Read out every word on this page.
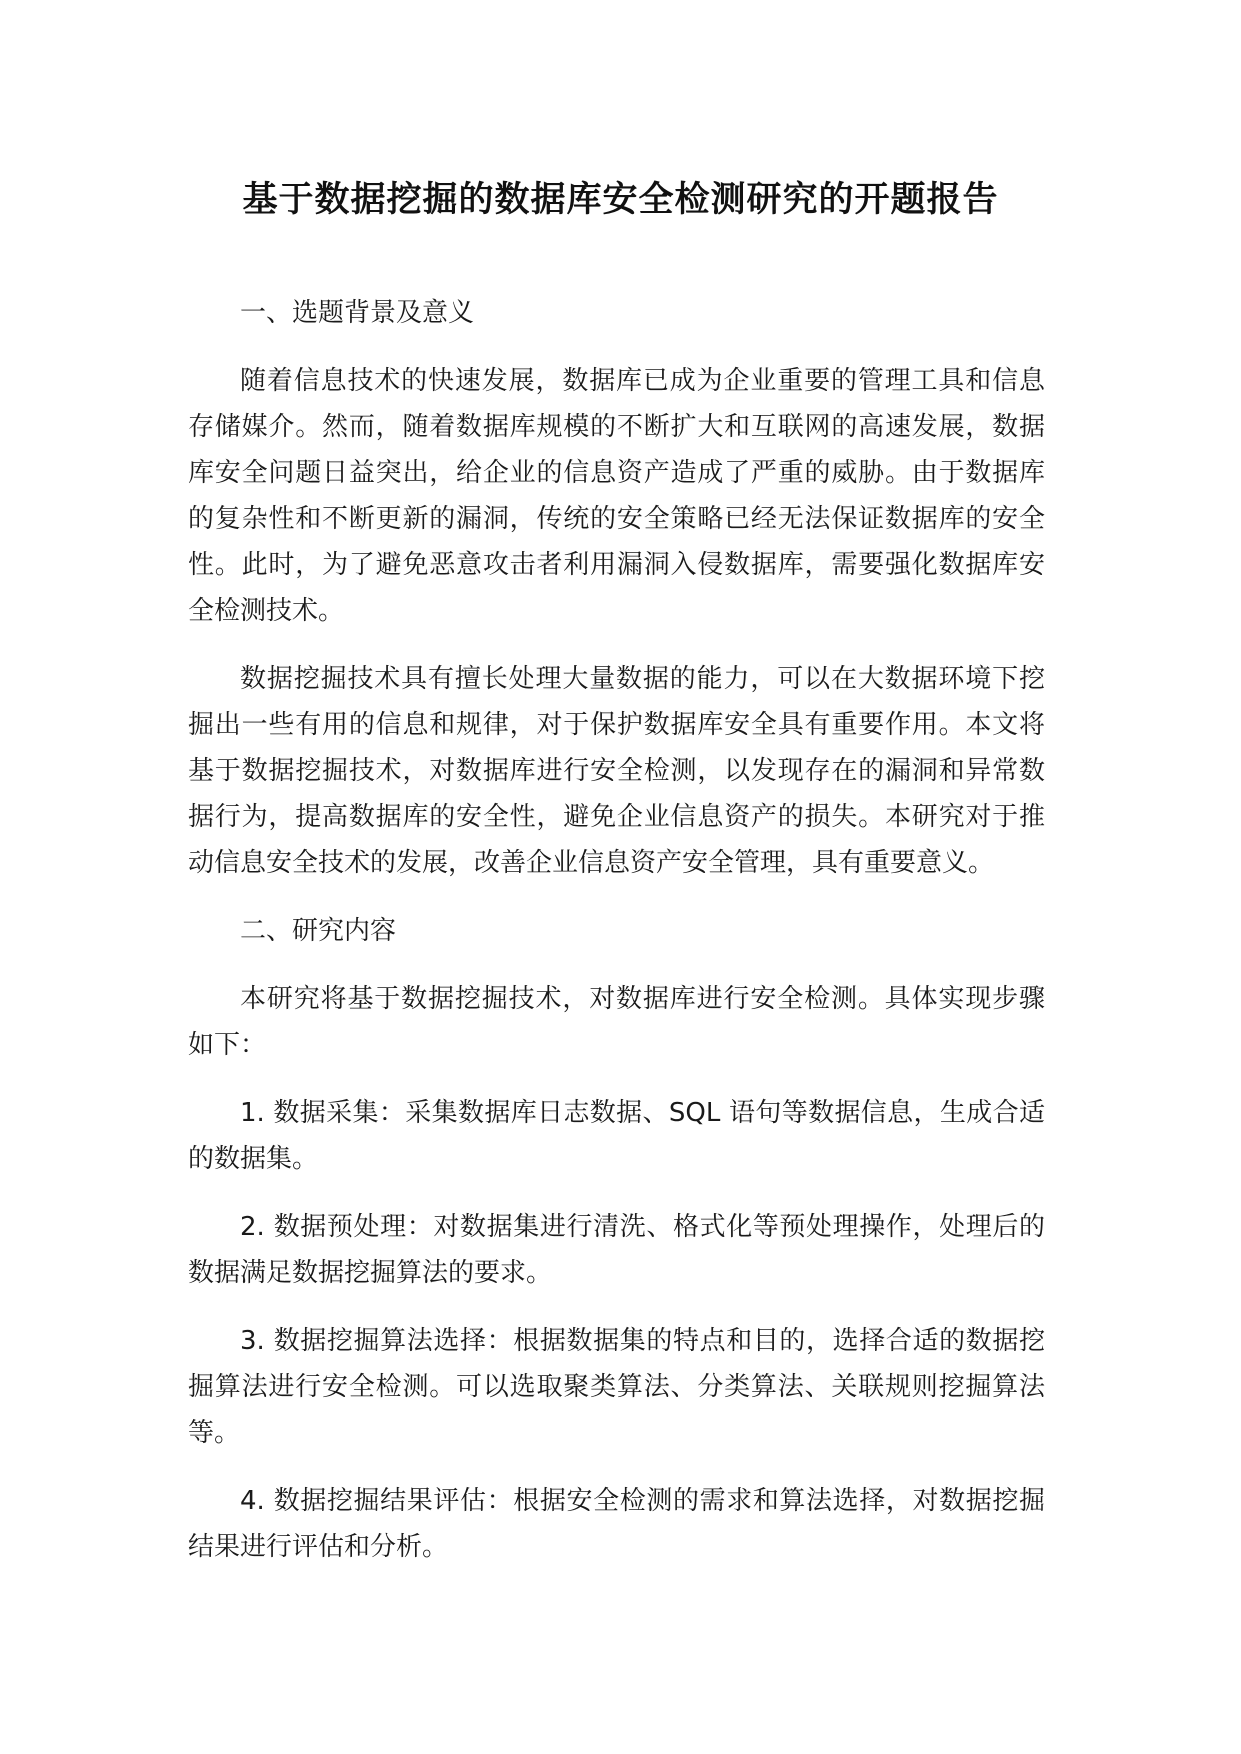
基于数据挖掘的数据库安全检测研究的开题报告

一、选题背景及意义

随着信息技术的快速发展，数据库已成为企业重要的管理工具和信息存储媒介。然而，随着数据库规模的不断扩大和互联网的高速发展，数据库安全问题日益突出，给企业的信息资产造成了严重的威胁。由于数据库的复杂性和不断更新的漏洞，传统的安全策略已经无法保证数据库的安全性。此时，为了避免恶意攻击者利用漏洞入侵数据库，需要强化数据库安全检测技术。

数据挖掘技术具有擅长处理大量数据的能力，可以在大数据环境下挖掘出一些有用的信息和规律，对于保护数据库安全具有重要作用。本文将基于数据挖掘技术，对数据库进行安全检测，以发现存在的漏洞和异常数据行为，提高数据库的安全性，避免企业信息资产的损失。本研究对于推动信息安全技术的发展，改善企业信息资产安全管理，具有重要意义。

二、研究内容

本研究将基于数据挖掘技术，对数据库进行安全检测。具体实现步骤如下：

1. 数据采集：采集数据库日志数据、SQL 语句等数据信息，生成合适的数据集。

2. 数据预处理：对数据集进行清洗、格式化等预处理操作，处理后的数据满足数据挖掘算法的要求。

3. 数据挖掘算法选择：根据数据集的特点和目的，选择合适的数据挖掘算法进行安全检测。可以选取聚类算法、分类算法、关联规则挖掘算法等。

4. 数据挖掘结果评估：根据安全检测的需求和算法选择，对数据挖掘结果进行评估和分析。
